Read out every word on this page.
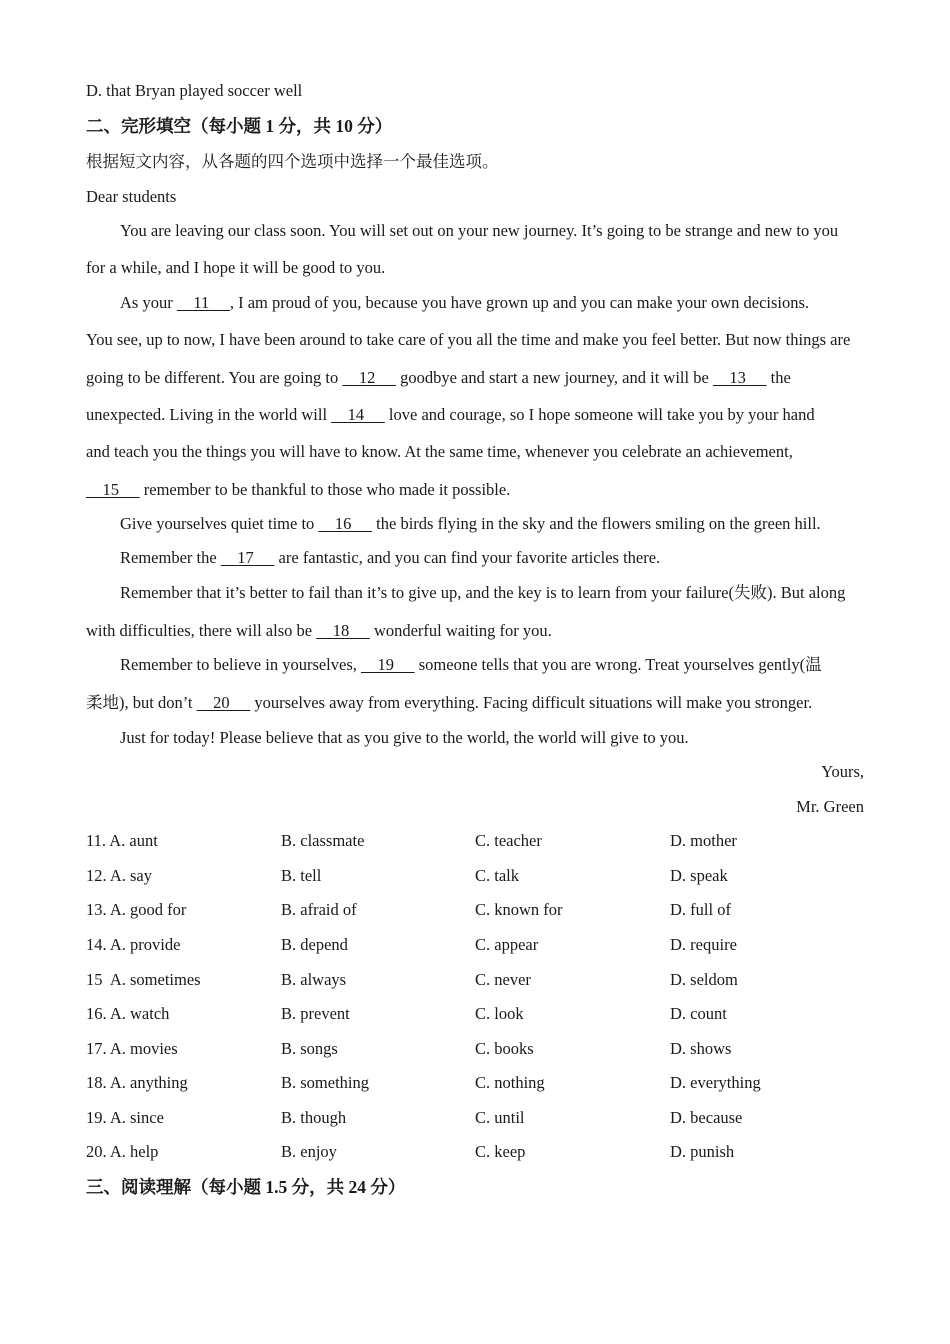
D. that Bryan played soccer well
二、完形填空（每小题 1 分，共 10 分）
根据短文内容，从各题的四个选项中选择一个最佳选项。
Dear students
You are leaving our class soon. You will set out on your new journey. It’s going to be strange and new to you
for a while, and I hope it will be good to you.
As your     11 , I am proud of you, because you have grown up and you can make your own decisions.
You see, up to now, I have been around to take care of you all the time and make you feel better. But now things are
going to be different. You are going to     12      goodbye and start a new journey, and it will be     13      the
unexpected. Living in the world will     14      love and courage, so I hope someone will take you by your hand
and teach you the things you will have to know. At the same time, whenever you celebrate an achievement,
15      remember to be thankful to those who made it possible.
Give yourselves quiet time to     16      the birds flying in the sky and the flowers smiling on the green hill.
Remember the     17      are fantastic, and you can find your favorite articles there.
Remember that it’s better to fail than it’s to give up, and the key is to learn from your failure(失败). But along
with difficulties, there will also be     18      wonderful waiting for you.
Remember to believe in yourselves,     19      someone tells that you are wrong. Treat yourselves gently(温
柔地), but don’t     20      yourselves away from everything. Facing difficult situations will make you stronger.
Just for today! Please believe that as you give to the world, the world will give to you.
Yours,
Mr. Green
11. A. aunt	B. classmate	C. teacher	D. mother
12. A. say	B. tell	C. talk	D. speak
13. A. good for	B. afraid of	C. known for	D. full of
14. A. provide	B. depend	C. appear	D. require
15  A. sometimes	B. always	C. never	D. seldom
16. A. watch	B. prevent	C. look	D. count
17. A. movies	B. songs	C. books	D. shows
18. A. anything	B. something	C. nothing	D. everything
19. A. since	B. though	C. until	D. because
20. A. help	B. enjoy	C. keep	D. punish
三、阅读理解（每小题 1.5 分，共 24 分）
